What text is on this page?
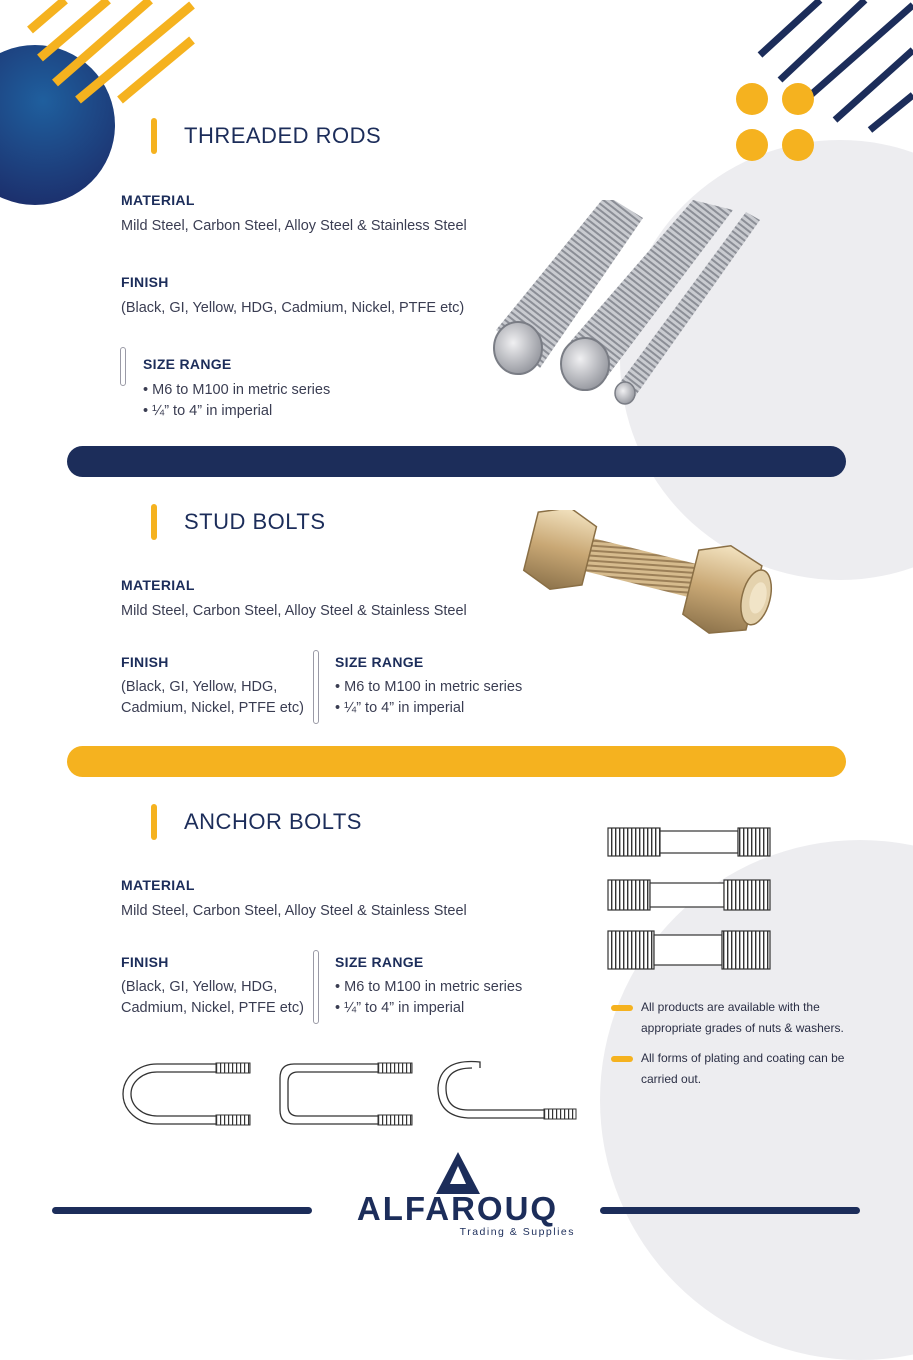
THREADED RODS
MATERIAL
Mild Steel, Carbon Steel, Alloy Steel & Stainless Steel
FINISH
(Black, GI, Yellow, HDG, Cadmium, Nickel, PTFE etc)
SIZE RANGE
• M6 to M100 in metric series
• ¼” to 4” in imperial
STUD BOLTS
MATERIAL
Mild Steel, Carbon Steel, Alloy Steel & Stainless Steel
FINISH
(Black, GI, Yellow, HDG,
Cadmium, Nickel, PTFE etc)
SIZE RANGE
• M6 to M100 in metric series
• ¼” to 4” in imperial
ANCHOR BOLTS
MATERIAL
Mild Steel, Carbon Steel, Alloy Steel & Stainless Steel
FINISH
(Black, GI, Yellow, HDG,
Cadmium, Nickel, PTFE etc)
SIZE RANGE
• M6 to M100 in metric series
• ¼” to 4” in imperial	All products are available with the
appropriate grades of nuts & washers.
All forms of plating and coating can be
carried out.
ALFAROUQ
Trading & Supplies
